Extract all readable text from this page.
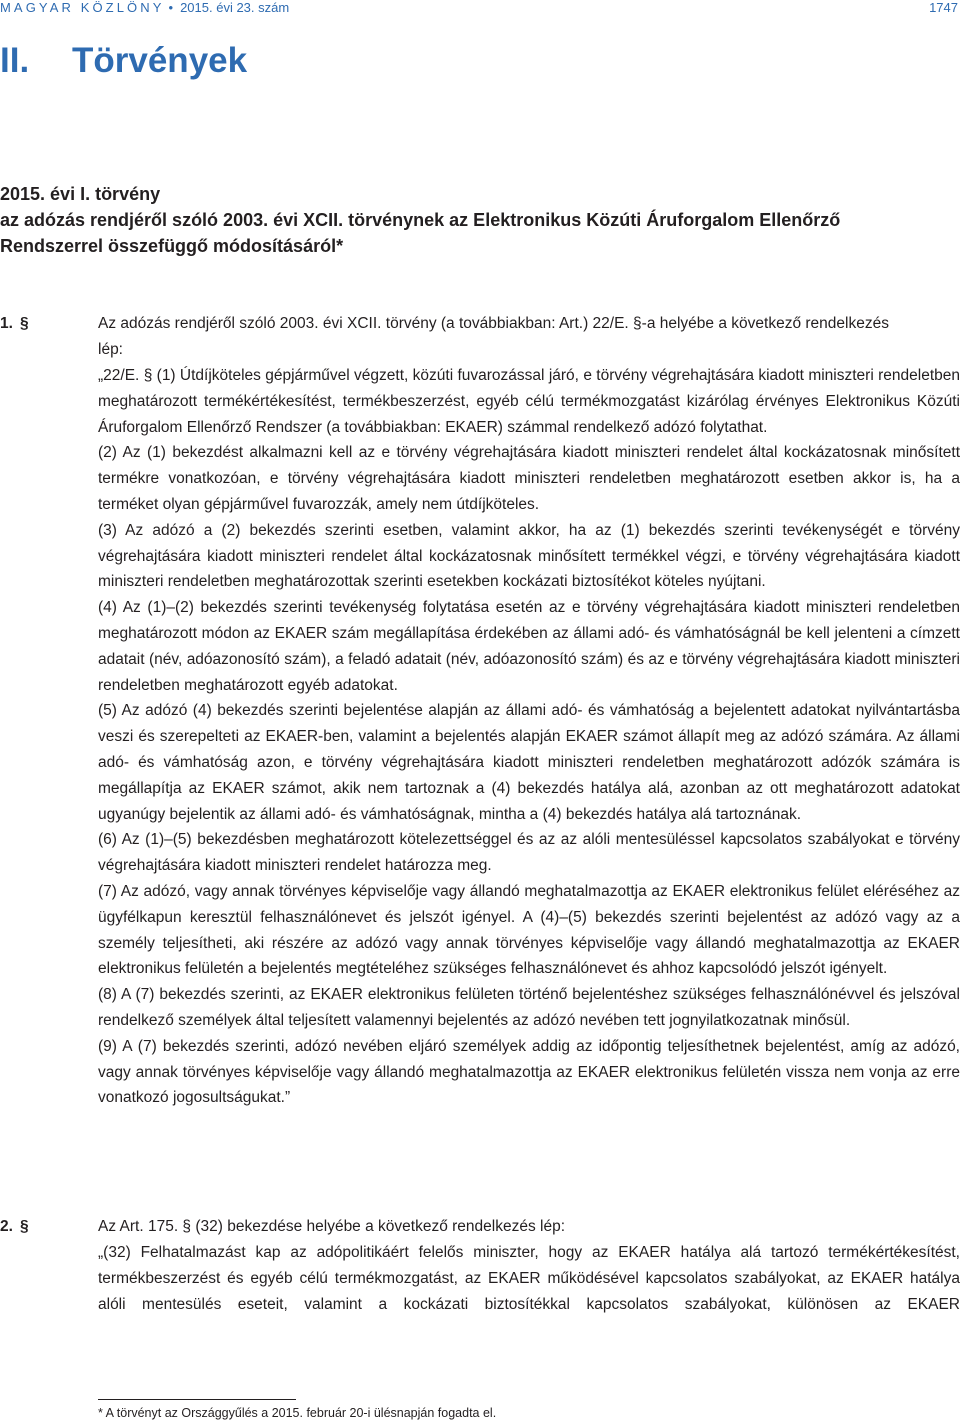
MAGYAR KÖZLÖNY • 2015. évi 23. szám	1747
II. Törvények
2015. évi I. törvény
az adózás rendjéről szóló 2003. évi XCII. törvénynek az Elektronikus Közúti Áruforgalom Ellenőrző
Rendszerrel összefüggő módosításáról*
1. §	Az adózás rendjéről szóló 2003. évi XCII. törvény (a továbbiakban: Art.) 22/E. §-a helyébe a következő rendelkezés
lép:

„22/E. § (1) Útdíjköteles gépjárművel végzett, közúti fuvarozással járó, e törvény végrehajtására kiadott miniszteri rendeletben meghatározott termékértékesítést, termékbeszerzést, egyéb célú termékmozgatást kizárólag érvényes Elektronikus Közúti Áruforgalom Ellenőrző Rendszer (a továbbiakban: EKAER) számmal rendelkező adózó folytathat.

(2) Az (1) bekezdést alkalmazni kell az e törvény végrehajtására kiadott miniszteri rendelet által kockázatosnak minősített termékre vonatkozóan, e törvény végrehajtására kiadott miniszteri rendeletben meghatározott esetben akkor is, ha a terméket olyan gépjárművel fuvarozzák, amely nem útdíjköteles.

(3) Az adózó a (2) bekezdés szerinti esetben, valamint akkor, ha az (1) bekezdés szerinti tevékenységét e törvény végrehajtására kiadott miniszteri rendelet által kockázatosnak minősített termékkel végzi, e törvény végrehajtására kiadott miniszteri rendeletben meghatározottak szerinti esetekben kockázati biztosítékot köteles nyújtani.

(4) Az (1)–(2) bekezdés szerinti tevékenység folytatása esetén az e törvény végrehajtására kiadott miniszteri rendeletben meghatározott módon az EKAER szám megállapítása érdekében az állami adó- és vámhatóságnál be kell jelenteni a címzett adatait (név, adóazonosító szám), a feladó adatait (név, adóazonosító szám) és az e törvény végrehajtására kiadott miniszteri rendeletben meghatározott egyéb adatokat.

(5) Az adózó (4) bekezdés szerinti bejelentése alapján az állami adó- és vámhatóság a bejelentett adatokat nyilvántartásba veszi és szerepelteti az EKAER-ben, valamint a bejelentés alapján EKAER számot állapít meg az adózó számára. Az állami adó- és vámhatóság azon, e törvény végrehajtására kiadott miniszteri rendeletben meghatározott adózók számára is megállapítja az EKAER számot, akik nem tartoznak a (4) bekezdés hatálya alá, azonban az ott meghatározott adatokat ugyanúgy bejelentik az állami adó- és vámhatóságnak, mintha a (4) bekezdés hatálya alá tartoznának.

(6) Az (1)–(5) bekezdésben meghatározott kötelezettséggel és az az alóli mentesüléssel kapcsolatos szabályokat e törvény végrehajtására kiadott miniszteri rendelet határozza meg.

(7) Az adózó, vagy annak törvényes képviselője vagy állandó meghatalmazottja az EKAER elektronikus felület eléréséhez az ügyfélkapun keresztül felhasználónevet és jelszót igényel. A (4)–(5) bekezdés szerinti bejelentést az adózó vagy az a személy teljesítheti, aki részére az adózó vagy annak törvényes képviselője vagy állandó meghatalmazottja az EKAER elektronikus felületén a bejelentés megtételéhez szükséges felhasználónevet és ahhoz kapcsolódó jelszót igényelt.

(8) A (7) bekezdés szerinti, az EKAER elektronikus felületen történő bejelentéshez szükséges felhasználónévvel és jelszóval rendelkező személyek által teljesített valamennyi bejelentés az adózó nevében tett jognyilatkozatnak minősül.

(9) A (7) bekezdés szerinti, adózó nevében eljáró személyek addig az időpontig teljesíthetnek bejelentést, amíg az adózó, vagy annak törvényes képviselője vagy állandó meghatalmazottja az EKAER elektronikus felületén vissza nem vonja az erre vonatkozó jogosultságukat.”

2. §	Az Art. 175. § (32) bekezdése helyébe a következő rendelkezés lép:

„(32) Felhatalmazást kap az adópolitikáért felelős miniszter, hogy az EKAER hatálya alá tartozó termékértékesítést, termékbeszerzést és egyéb célú termékmozgatást, az EKAER működésével kapcsolatos szabályokat, az EKAER hatálya alóli mentesülés eseteit, valamint a kockázati biztosítékkal kapcsolatos szabályokat, különösen az EKAER

* A törvényt az Országgyűlés a 2015. február 20-i ülésnapján fogadta el.
